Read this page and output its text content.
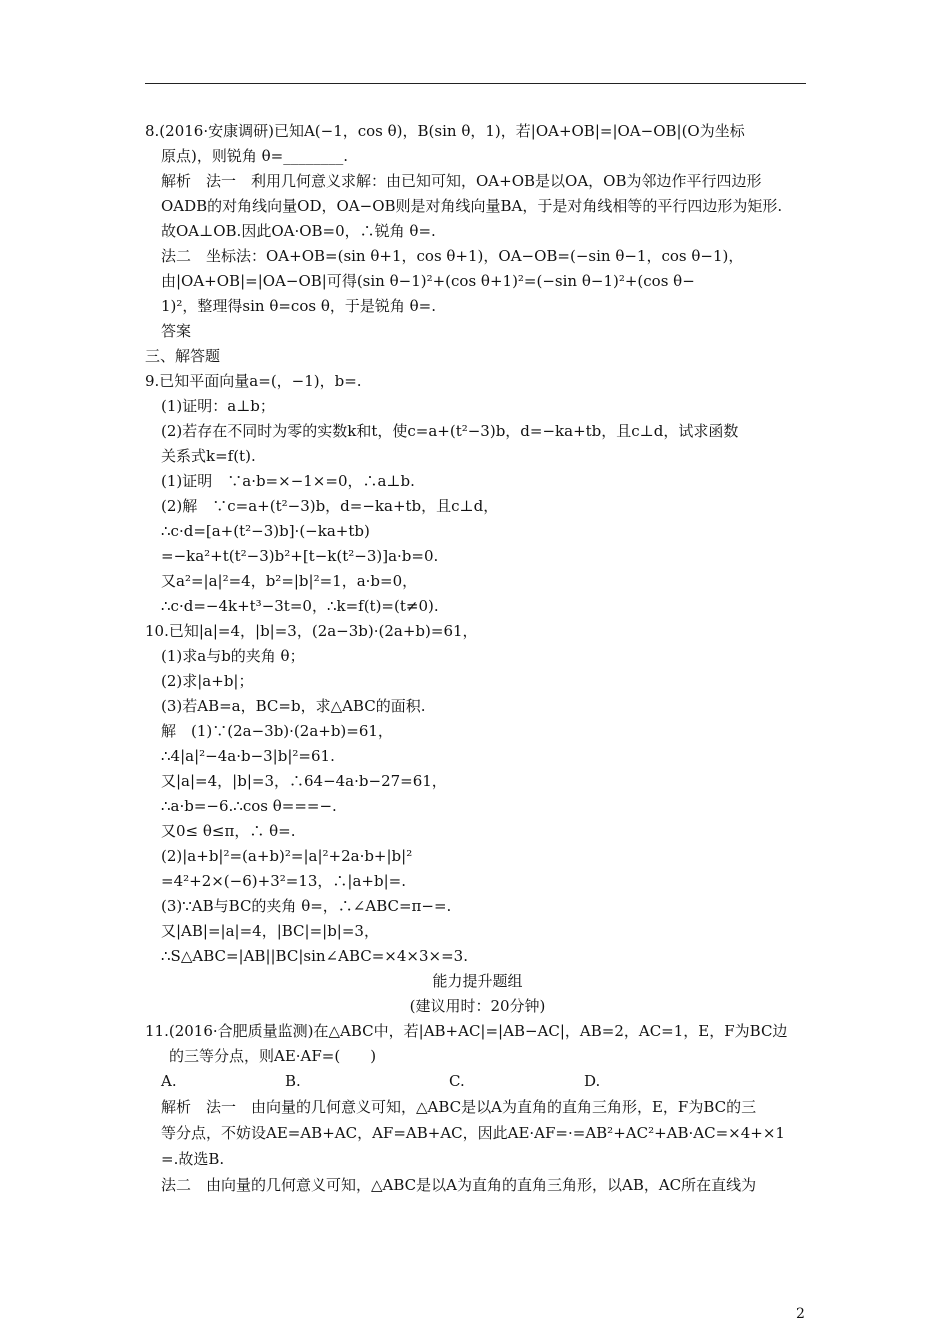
8.(2016·安康调研)已知A(−1，cos θ)，B(sin θ，1)，若|OA+OB|=|OA−OB|(O为坐标
原点)，则锐角 θ=________.
解析　法一　利用几何意义求解：由已知可知，OA+OB是以OA，OB为邻边作平行四边形
OADB的对角线向量OD，OA−OB则是对角线向量BA，于是对角线相等的平行四边形为矩形.
故OA⊥OB.因此OA·OB=0，∴锐角 θ=.
法二　坐标法：OA+OB=(sin θ+1，cos θ+1)，OA−OB=(−sin θ−1，cos θ−1)，
由|OA+OB|=|OA−OB|可得(sin θ−1)²+(cos θ+1)²=(−sin θ−1)²+(cos θ−
1)²，整理得sin θ=cos θ，于是锐角 θ=.
答案
三、解答题
9.已知平面向量a=(，−1)，b=.
(1)证明：a⊥b；
(2)若存在不同时为零的实数k和t，使c=a+(t²−3)b，d=−ka+tb，且c⊥d，试求函数
关系式k=f(t).
(1)证明　∵a·b=×−1×=0，∴a⊥b.
(2)解　∵c=a+(t²−3)b，d=−ka+tb，且c⊥d，
∴c·d=[a+(t²−3)b]·(−ka+tb)
=−ka²+t(t²−3)b²+[t−k(t²−3)]a·b=0.
又a²=|a|²=4，b²=|b|²=1，a·b=0，
∴c·d=−4k+t³−3t=0，∴k=f(t)=(t≠0).
10.已知|a|=4，|b|=3，(2a−3b)·(2a+b)=61，
(1)求a与b的夹角 θ；
(2)求|a+b|；
(3)若AB=a，BC=b，求△ABC的面积.
解　(1)∵(2a−3b)·(2a+b)=61，
∴4|a|²−4a·b−3|b|²=61.
又|a|=4，|b|=3，∴64−4a·b−27=61，
∴a·b=−6.∴cos θ===−.
又0≤ θ≤π，∴ θ=.
(2)|a+b|²=(a+b)²=|a|²+2a·b+|b|²
=4²+2×(−6)+3²=13，∴|a+b|=.
(3)∵AB与BC的夹角 θ=，∴∠ABC=π−=.
又|AB|=|a|=4，|BC|=|b|=3，
∴S△ABC=|AB||BC|sin∠ABC=×4×3×=3.
能力提升题组
(建议用时：20分钟)
11.(2016·合肥质量监测)在△ABC中，若|AB+AC|=|AB−AC|，AB=2，AC=1，E，F为BC边
的三等分点，则AE·AF=(　　)
A.	B.	C.	D.
解析　法一　由向量的几何意义可知，△ABC是以A为直角的直角三角形，E，F为BC的三
等分点，不妨设AE=AB+AC，AF=AB+AC，因此AE·AF=·=AB²+AC²+AB·AC=×4+×1
=.故选B.
法二　由向量的几何意义可知，△ABC是以A为直角的直角三角形，以AB，AC所在直线为
2
